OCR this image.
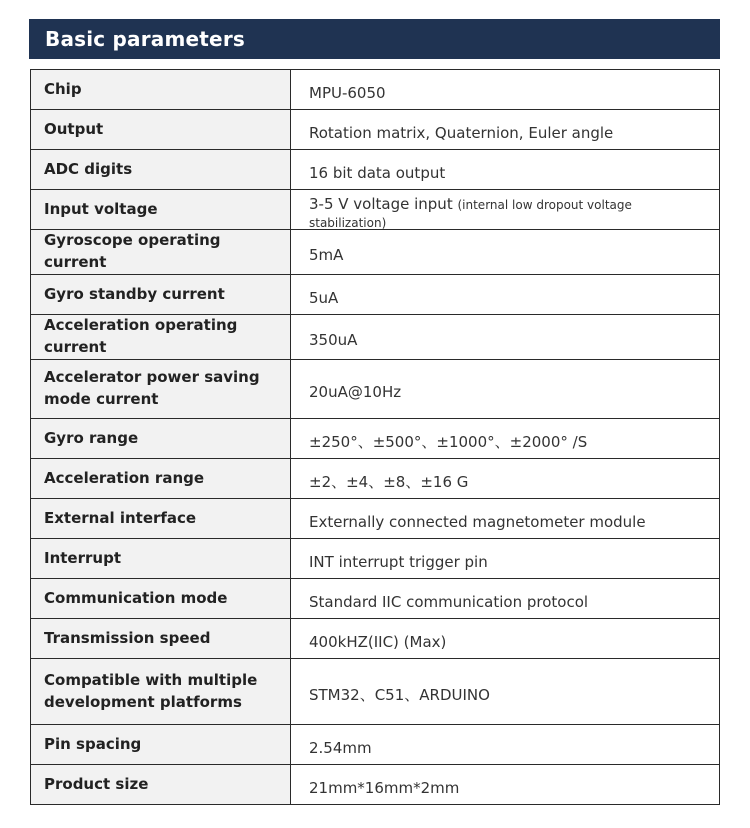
Basic parameters
Chip	MPU-6050
Output	Rotation matrix, Quaternion, Euler angle
ADC digits	16 bit data output
Input voltage	3-5 V voltage input (internal low dropout voltage stabilization)
Gyroscope operating current	5mA
Gyro standby current	5uA
Acceleration operating current	350uA
Accelerator power saving mode current	20uA@10Hz
Gyro range	±250°、±500°、±1000°、±2000° /S
Acceleration range	±2、±4、±8、±16 G
External interface	Externally connected magnetometer module
Interrupt	INT interrupt trigger pin
Communication mode	Standard IIC communication protocol
Transmission speed	400kHZ(IIC) (Max)
Compatible with multiple development platforms	STM32、C51、ARDUINO
Pin spacing	2.54mm
Product size	21mm*16mm*2mm
